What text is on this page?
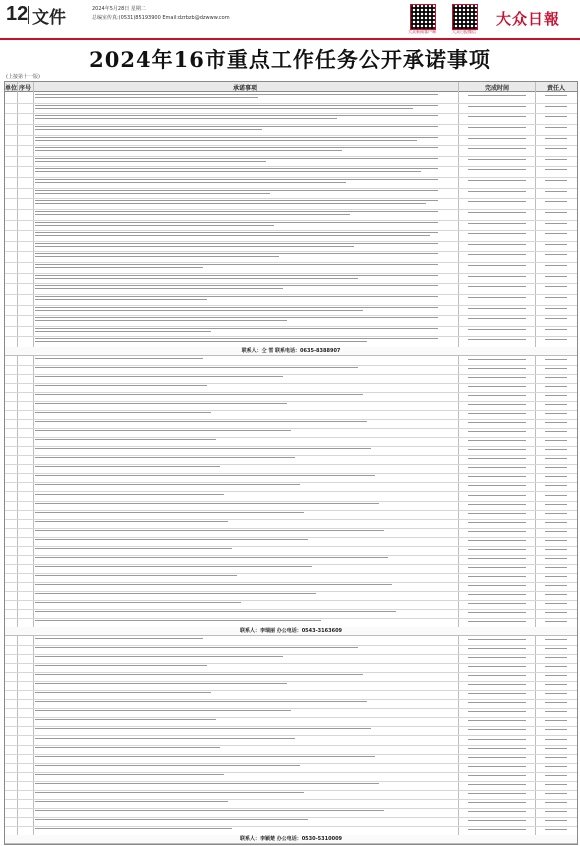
12 文件	2024年5月28日 星期二
总编室传真:(0531)85193900 Email:dzrbzb@dzwww.com
大众新闻客户端	大众日报微信
大众日報
2024年16市重点工作任务公开承诺事项
(上接第十一版)
单位 序号	承诺事项	完成时间	责任人
联系人：仝 雪 联系电话：0635-8388907
联系人：李瑞丽 办公电话：0543-3163609
联系人：李颖楚 办公电话：0530-5310009
